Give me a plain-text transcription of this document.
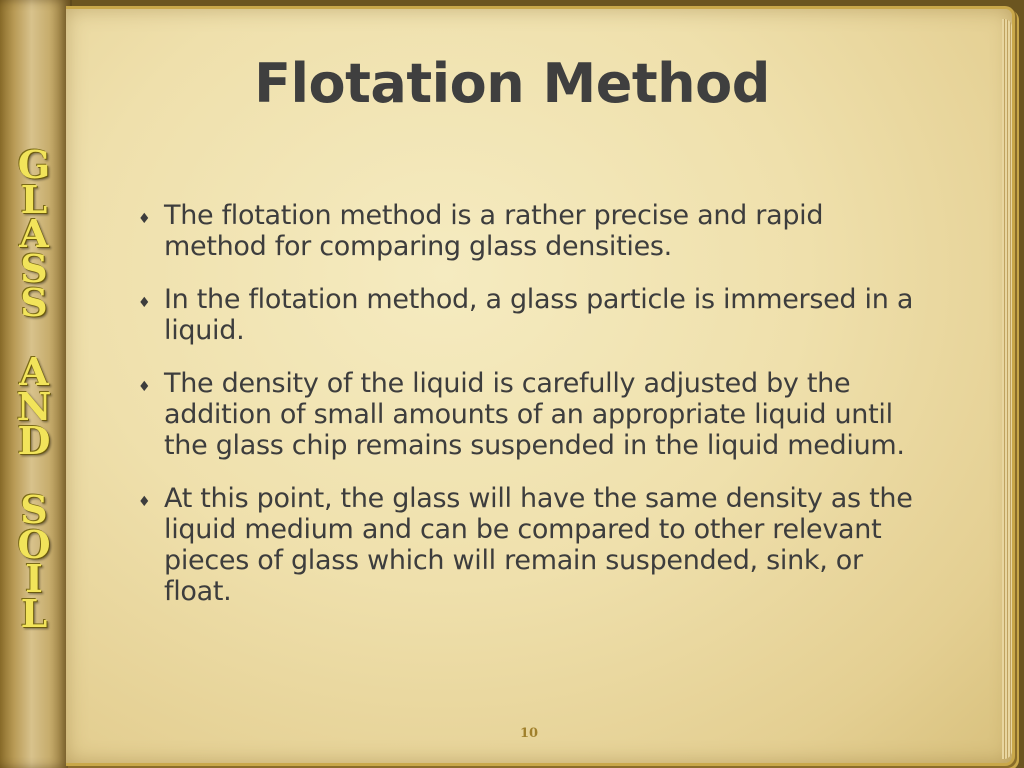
G
L
A
S
S
A
N
D
S
O
I
L
Flotation Method
♦ The flotation method is a rather precise and rapid method for comparing glass densities.
♦ In the flotation method, a glass particle is immersed in a liquid.
♦ The density of the liquid is carefully adjusted by the addition of small amounts of an appropriate liquid until the glass chip remains suspended in the liquid medium.
♦ At this point, the glass will have the same density as the liquid medium and can be compared to other relevant pieces of glass which will remain suspended, sink, or float.
10
